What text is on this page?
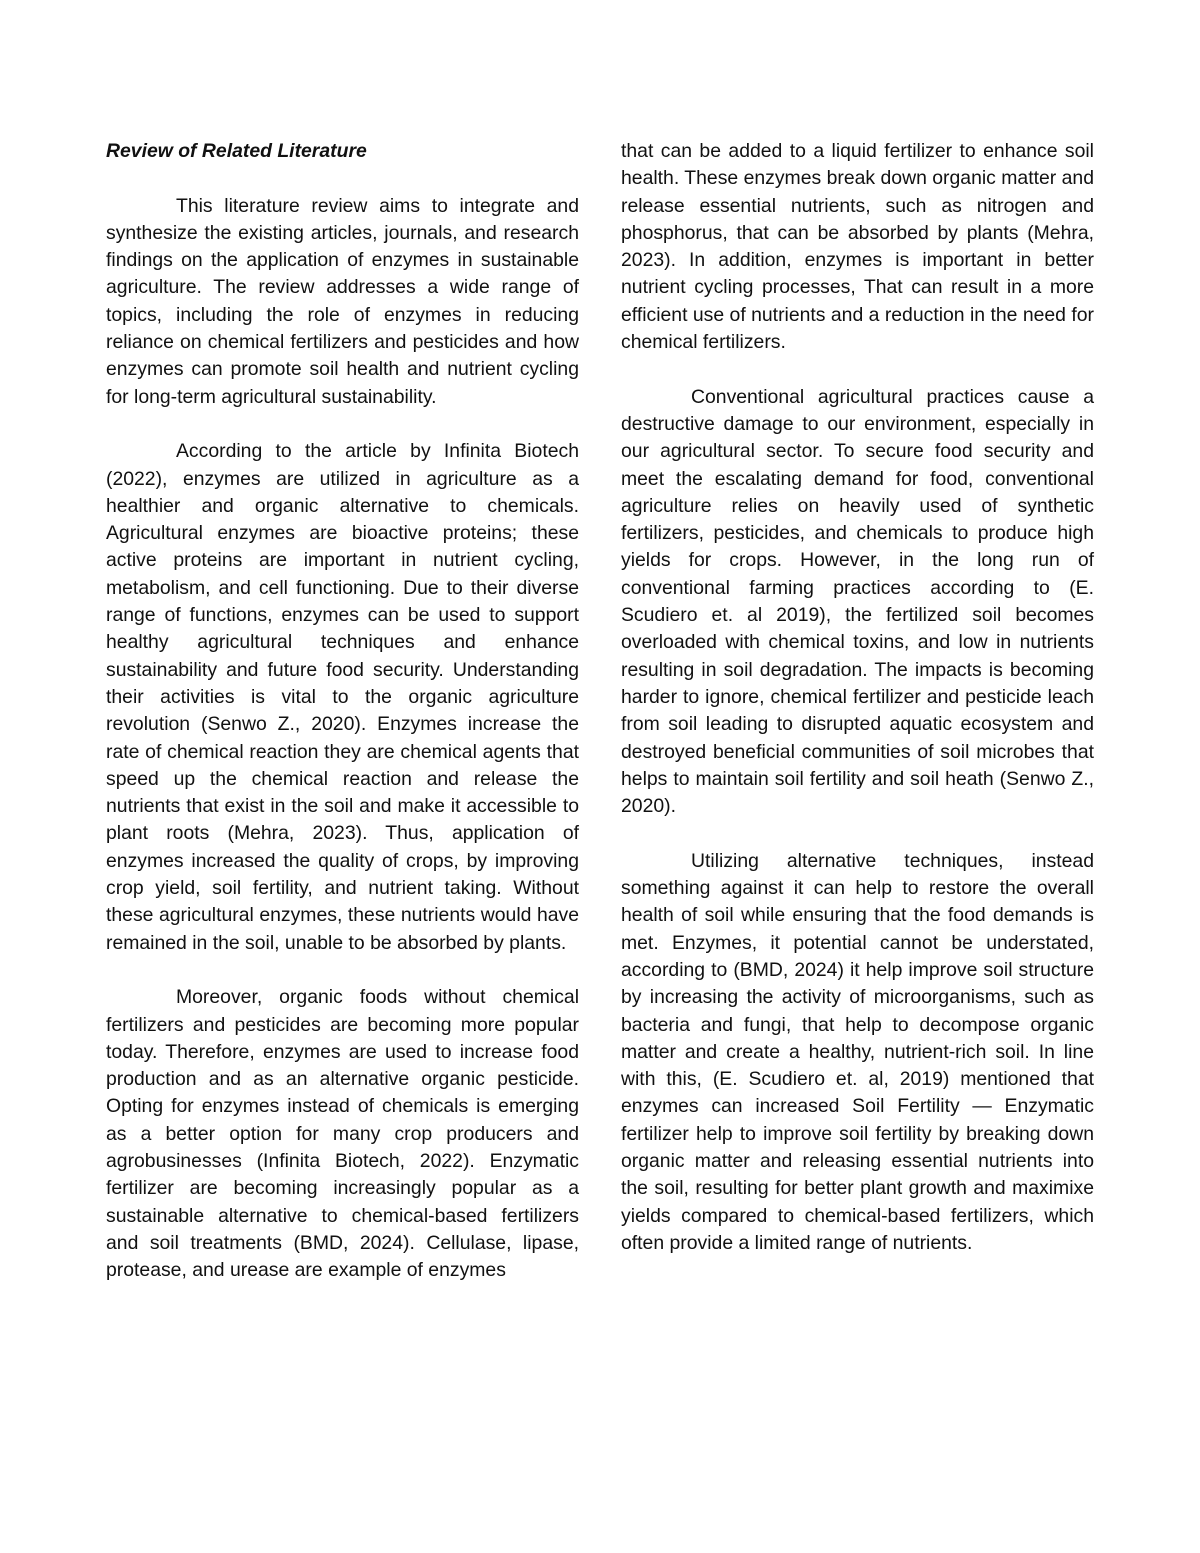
Review of Related Literature

This literature review aims to integrate and synthesize the existing articles, journals, and research findings on the application of enzymes in sustainable agriculture. The review addresses a wide range of topics, including the role of enzymes in reducing reliance on chemical fertilizers and pesticides and how enzymes can promote soil health and nutrient cycling for long-term agricultural sustainability.

According to the article by Infinita Biotech (2022), enzymes are utilized in agriculture as a healthier and organic alternative to chemicals. Agricultural enzymes are bioactive proteins; these active proteins are important in nutrient cycling, metabolism, and cell functioning. Due to their diverse range of functions, enzymes can be used to support healthy agricultural techniques and enhance sustainability and future food security. Understanding their activities is vital to the organic agriculture revolution (Senwo Z., 2020). Enzymes increase the rate of chemical reaction they are chemical agents that speed up the chemical reaction and release the nutrients that exist in the soil and make it accessible to plant roots (Mehra, 2023). Thus, application of enzymes increased the quality of crops, by improving crop yield, soil fertility, and nutrient taking. Without these agricultural enzymes, these nutrients would have remained in the soil, unable to be absorbed by plants.

Moreover, organic foods without chemical fertilizers and pesticides are becoming more popular today. Therefore, enzymes are used to increase food production and as an alternative organic pesticide. Opting for enzymes instead of chemicals is emerging as a better option for many crop producers and agrobusinesses (Infinita Biotech, 2022). Enzymatic fertilizer are becoming increasingly popular as a sustainable alternative to chemical-based fertilizers and soil treatments (BMD, 2024). Cellulase, lipase, protease, and urease are example of enzymes

that can be added to a liquid fertilizer to enhance soil health. These enzymes break down organic matter and release essential nutrients, such as nitrogen and phosphorus, that can be absorbed by plants (Mehra, 2023). In addition, enzymes is important in better nutrient cycling processes, That can result in a more efficient use of nutrients and a reduction in the need for chemical fertilizers.

Conventional agricultural practices cause a destructive damage to our environment, especially in our agricultural sector. To secure food security and meet the escalating demand for food, conventional agriculture relies on heavily used of synthetic fertilizers, pesticides, and chemicals to produce high yields for crops. However, in the long run of conventional farming practices according to (E. Scudiero et. al 2019), the fertilized soil becomes overloaded with chemical toxins, and low in nutrients resulting in soil degradation. The impacts is becoming harder to ignore, chemical fertilizer and pesticide leach from soil leading to disrupted aquatic ecosystem and destroyed beneficial communities of soil microbes that helps to maintain soil fertility and soil heath (Senwo Z., 2020).

Utilizing alternative techniques, instead something against it can help to restore the overall health of soil while ensuring that the food demands is met. Enzymes, it potential cannot be understated, according to (BMD, 2024) it help improve soil structure by increasing the activity of microorganisms, such as bacteria and fungi, that help to decompose organic matter and create a healthy, nutrient-rich soil. In line with this, (E. Scudiero et. al, 2019) mentioned that enzymes can increased Soil Fertility — Enzymatic fertilizer help to improve soil fertility by breaking down organic matter and releasing essential nutrients into the soil, resulting for better plant growth and maximixe yields compared to chemical-based fertilizers, which often provide a limited range of nutrients.
